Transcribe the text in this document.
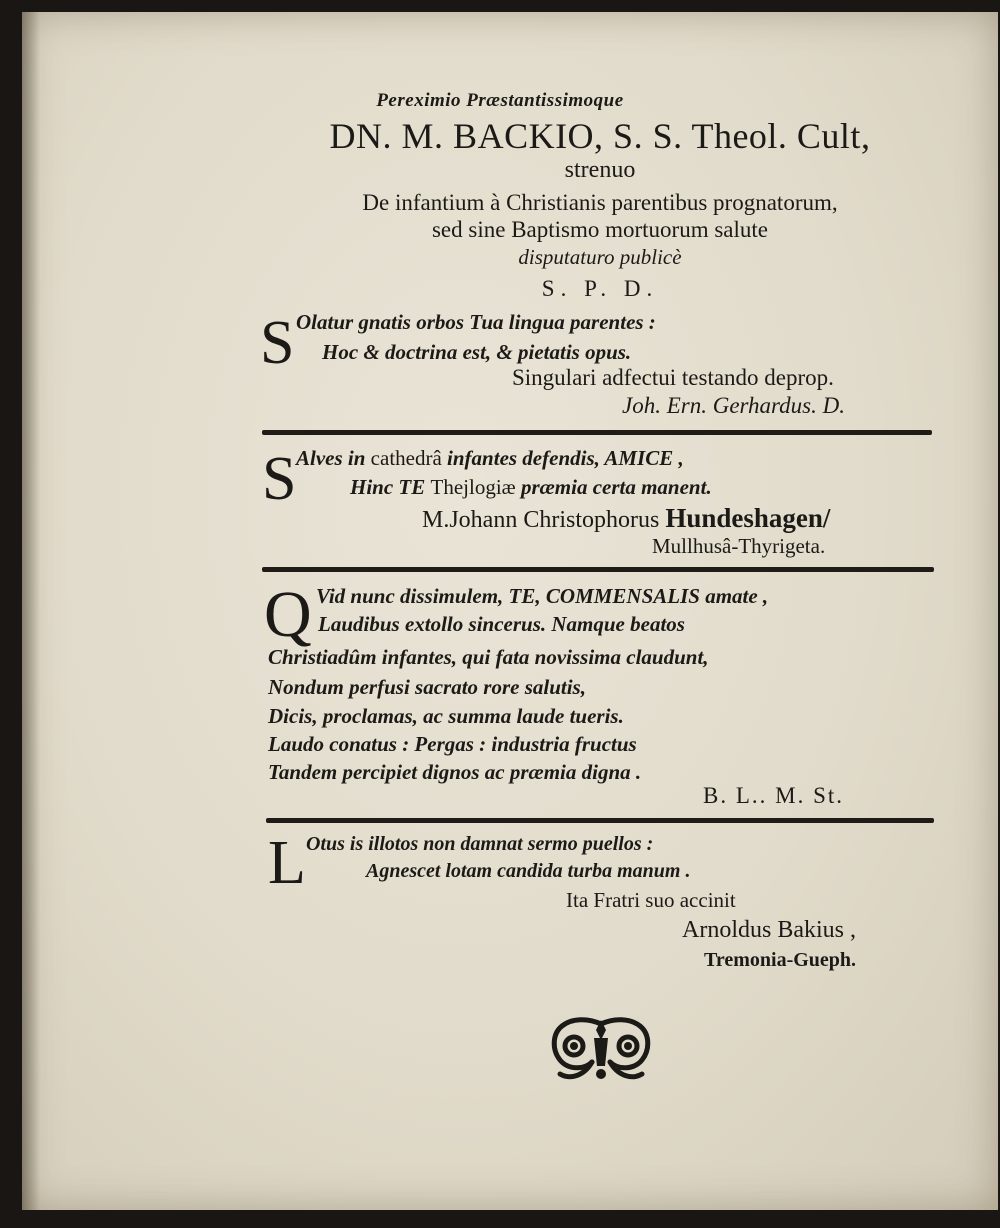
Pereximio Præstantissimoque
DN. M. BACKIO, S. S. Theol. Cult,
strenuo
De infantium à Christianis parentibus prognatorum,
sed sine Baptismo mortuorum salute
disputaturo publicè
S. P. D.
S Olatur gnatis orbos Tua lingua parentes :
Hoc & doctrina est, & pietatis opus.
Singulari adfectui testando deprop.
Joh. Ern. Gerhardus. D.
S Alves in cathedrâ infantes defendis, AMICE ,
Hinc TE Thejlogiæ præmia certa manent.
M.Johann Christophorus Hundeshagen/
Mullhusâ-Thyrigeta.
Q Vid nunc dissimulem, TE, COMMENSALIS amate ,
Laudibus extollo sincerus. Namque beatos
Christiadûm infantes, qui fata novissima claudunt,
Nondum perfusi sacrato rore salutis,
Dicis, proclamas, ac summa laude tueris.
Laudo conatus : Pergas : industria fructus
Tandem percipiet dignos ac præmia digna .
B. L.. M. St.
L Otus is illotos non damnat sermo puellos :
Agnescet lotam candida turba manum .
Ita Fratri suo accinit
Arnoldus Bakius ,
Tremonia-Gueph.
